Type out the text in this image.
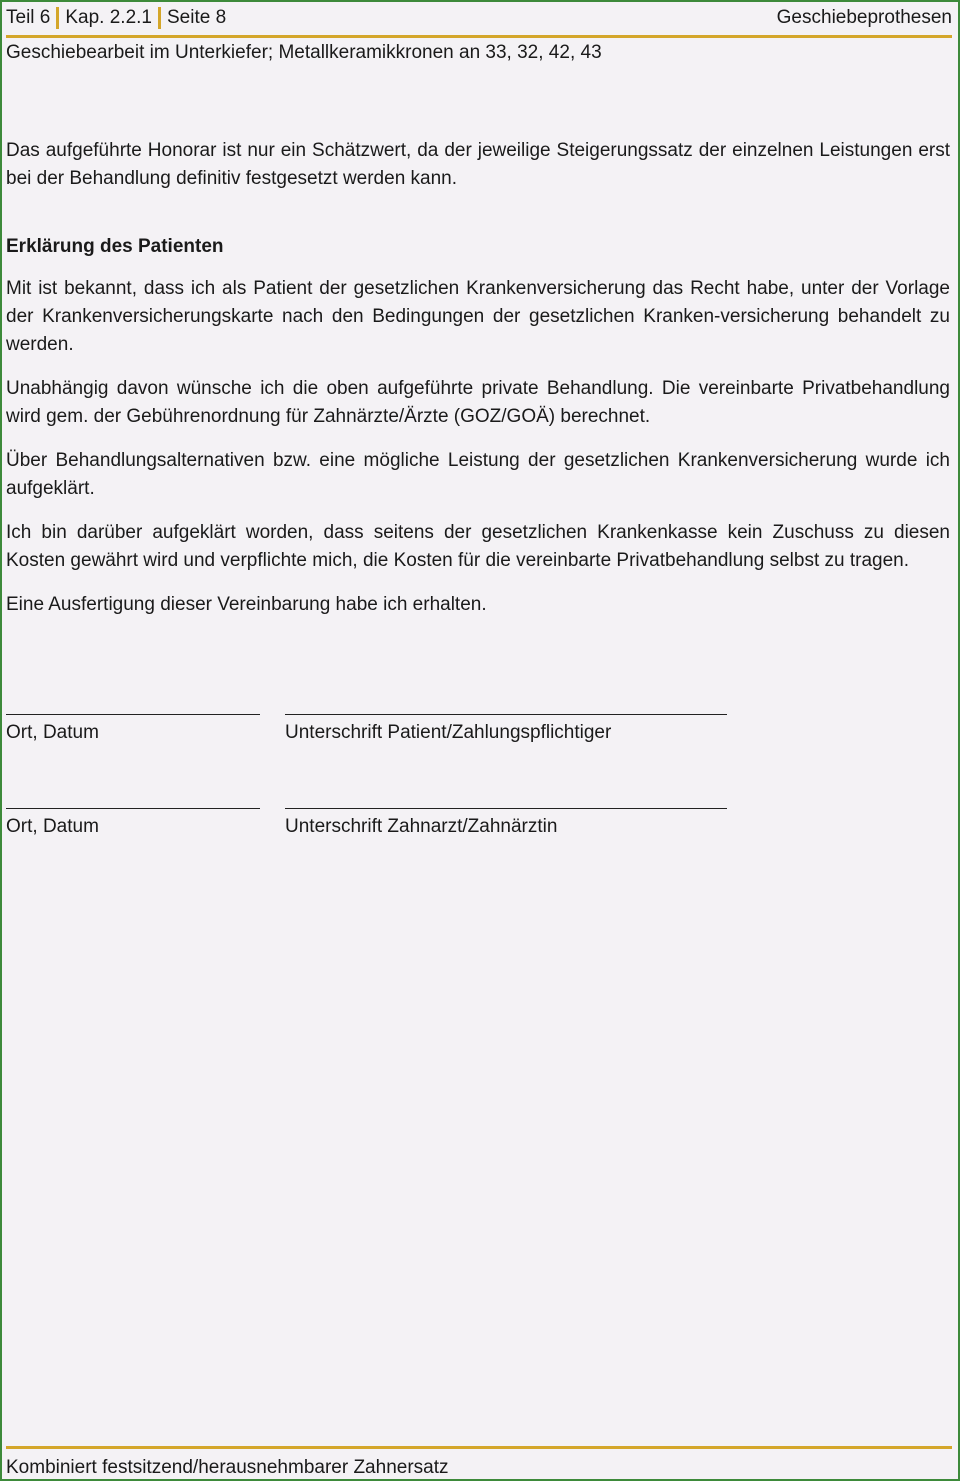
Teil 6 Kap. 2.2.1 Seite 8	Geschiebeprothesen
Geschiebearbeit im Unterkiefer; Metallkeramikkronen an 33, 32, 42, 43

Das aufgeführte Honorar ist nur ein Schätzwert, da der jeweilige Steigerungssatz der einzelnen Leistungen erst bei der Behandlung definitiv festgesetzt werden kann.

Erklärung des Patienten

Mit ist bekannt, dass ich als Patient der gesetzlichen Krankenversicherung das Recht habe, unter der Vorlage der Krankenversicherungskarte nach den Bedingungen der gesetzlichen Kranken-versicherung behandelt zu werden.

Unabhängig davon wünsche ich die oben aufgeführte private Behandlung. Die vereinbarte Privatbehandlung wird gem. der Gebührenordnung für Zahnärzte/Ärzte (GOZ/GOÄ) berechnet.

Über Behandlungsalternativen bzw. eine mögliche Leistung der gesetzlichen Krankenversicherung wurde ich aufgeklärt.

Ich bin darüber aufgeklärt worden, dass seitens der gesetzlichen Krankenkasse kein Zuschuss zu diesen Kosten gewährt wird und verpflichte mich, die Kosten für die vereinbarte Privatbehandlung selbst zu tragen.

Eine Ausfertigung dieser Vereinbarung habe ich erhalten.

Ort, Datum	Unterschrift Patient/Zahlungspflichtiger
Ort, Datum	Unterschrift Zahnarzt/Zahnärztin
Kombiniert festsitzend/herausnehmbarer Zahnersatz
